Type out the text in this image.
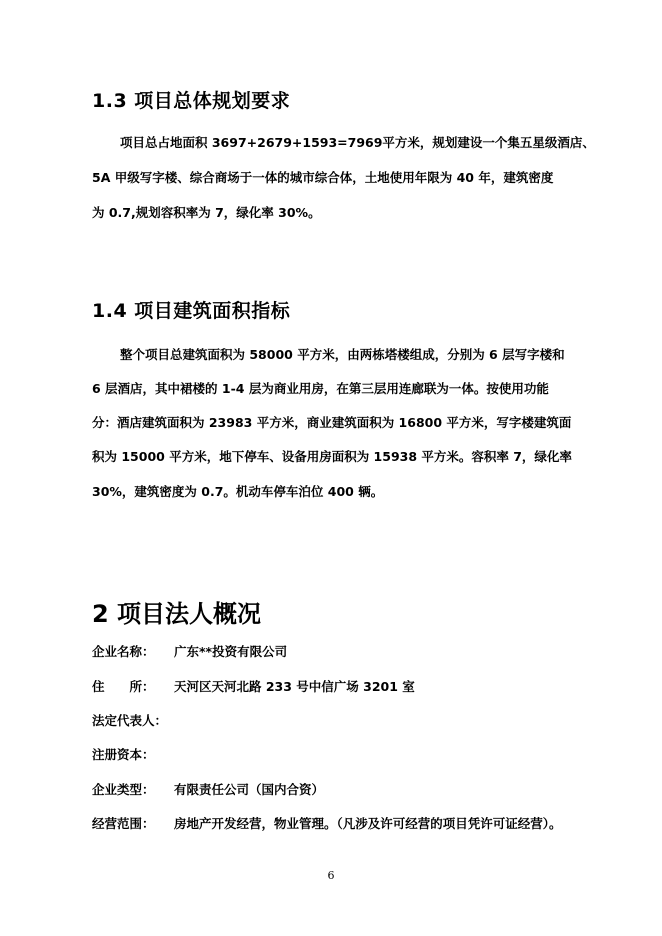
1.3 项目总体规划要求
项目总占地面积 3697+2679+1593=7969平方米，规划建设一个集五星级酒店、
5A 甲级写字楼、综合商场于一体的城市综合体，土地使用年限为 40 年，建筑密度
为 0.7,规划容积率为 7，绿化率 30%。
1.4 项目建筑面积指标
整个项目总建筑面积为 58000 平方米，由两栋塔楼组成，分别为 6 层写字楼和
6 层酒店，其中裙楼的 1-4 层为商业用房，在第三层用连廊联为一体。按使用功能
分：酒店建筑面积为 23983 平方米，商业建筑面积为 16800 平方米，写字楼建筑面
积为 15000 平方米，地下停车、设备用房面积为 15938 平方米。容积率 7，绿化率
30%，建筑密度为 0.7。机动车停车泊位 400 辆。
2 项目法人概况
企业名称： 广东**投资有限公司
住　　所： 天河区天河北路 233 号中信广场 3201 室
法定代表人：
注册资本：
企业类型： 有限责任公司（国内合资）
经营范围： 房地产开发经营，物业管理。（凡涉及许可经营的项目凭许可证经营）。
6
